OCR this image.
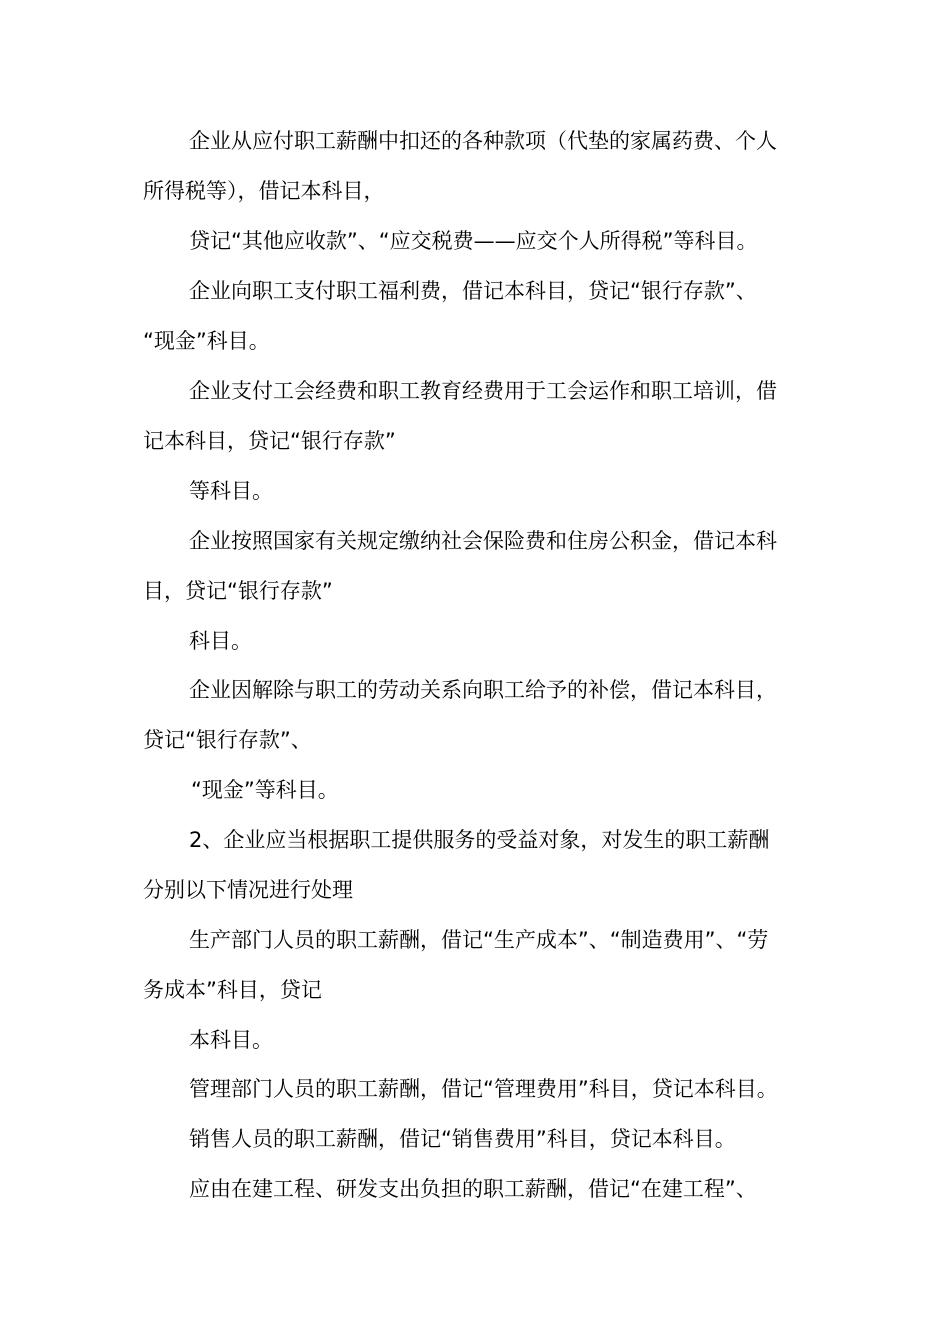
企业从应付职工薪酬中扣还的各种款项（代垫的家属药费、个人
所得税等），借记本科目，
贷记“其他应收款”、“应交税费——应交个人所得税”等科目。
企业向职工支付职工福利费，借记本科目，贷记“银行存款”、
“现金”科目。
企业支付工会经费和职工教育经费用于工会运作和职工培训，借
记本科目，贷记“银行存款”
等科目。
企业按照国家有关规定缴纳社会保险费和住房公积金，借记本科
目，贷记“银行存款”
科目。
企业因解除与职工的劳动关系向职工给予的补偿，借记本科目，
贷记“银行存款”、
“现金”等科目。
2、企业应当根据职工提供服务的受益对象，对发生的职工薪酬
分别以下情况进行处理
生产部门人员的职工薪酬，借记“生产成本”、“制造费用”、“劳
务成本”科目，贷记
本科目。
管理部门人员的职工薪酬，借记“管理费用”科目，贷记本科目。
销售人员的职工薪酬，借记“销售费用”科目，贷记本科目。
应由在建工程、研发支出负担的职工薪酬，借记“在建工程”、
